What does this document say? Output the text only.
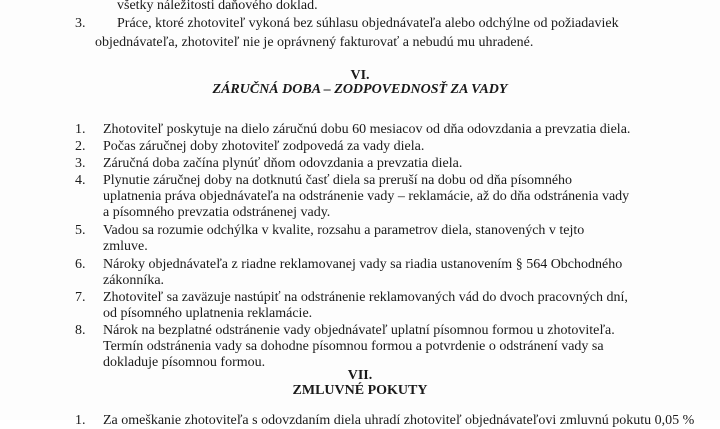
všetky náležitosti daňového doklad.
3. Práce, ktoré zhotoviteľ vykoná bez súhlasu objednávateľa alebo odchýlne od požiadaviek
objednávateľa, zhotoviteľ nie je oprávnený fakturovať a nebudú mu uhradené.
VI.
ZÁRUČNÁ DOBA – ZODPOVEDNOSŤ ZA VADY
1. Zhotoviteľ poskytuje na dielo záručnú dobu 60 mesiacov od dňa odovzdania a prevzatia diela.
2. Počas záručnej doby zhotoviteľ zodpovedá za vady diela.
3. Záručná doba začína plynúť dňom odovzdania a prevzatia diela.
4. Plynutie záručnej doby na dotknutú časť diela sa preruší na dobu od dňa písomného
uplatnenia práva objednávateľa na odstránenie vady – reklamácie, až do dňa odstránenia vady
a písomného prevzatia odstránenej vady.
5. Vadou sa rozumie odchýlka v kvalite, rozsahu a parametrov diela, stanovených v tejto
zmluve.
6. Nároky objednávateľa z riadne reklamovanej vady sa riadia ustanovením § 564 Obchodného
zákonníka.
7. Zhotoviteľ sa zaväzuje nastúpiť na odstránenie reklamovaných vád do dvoch pracovných dní,
od písomného uplatnenia reklamácie.
8. Nárok na bezplatné odstránenie vady objednávateľ uplatní písomnou formou u zhotoviteľa.
Termín odstránenia vady sa dohodne písomnou formou a potvrdenie o odstránení vady sa
dokladuje písomnou formou.
VII.
ZMLUVNÉ POKUTY
1. Za omeškanie zhotoviteľa s odovzdaním diela uhradí zhotoviteľ objednávateľovi zmluvnú pokutu 0,05 %
